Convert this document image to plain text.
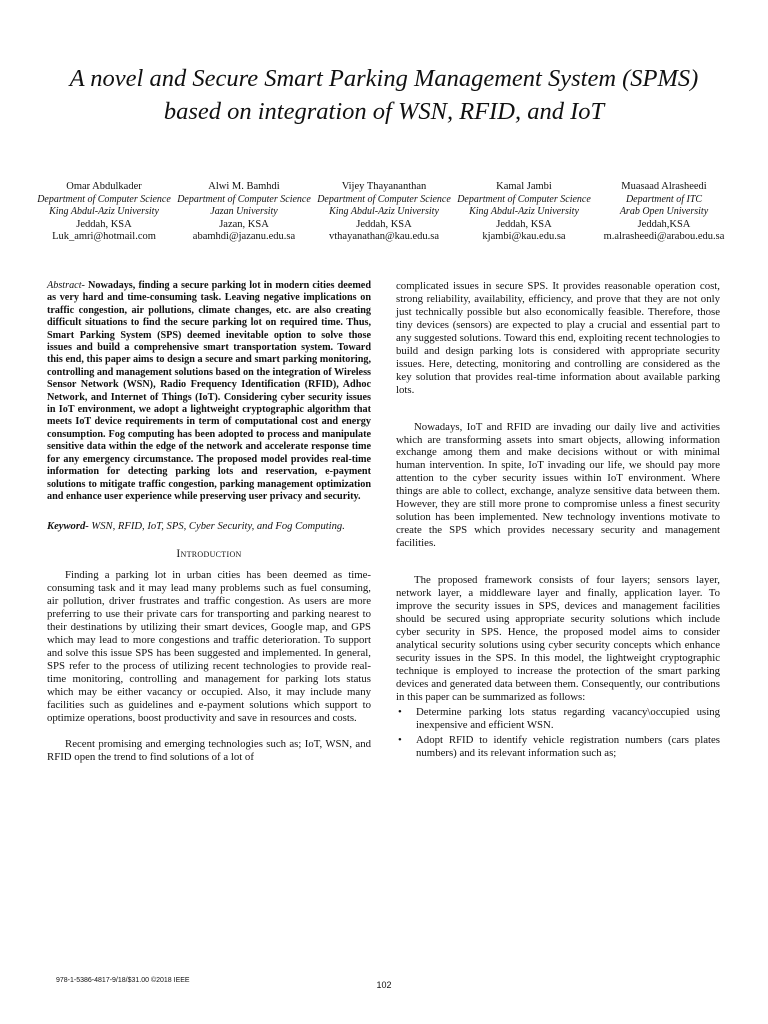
A novel and Secure Smart Parking Management System (SPMS) based on integration of WSN, RFID, and IoT
Omar Abdulkader
Department of Computer Science
King Abdul-Aziz University
Jeddah, KSA
Luk_amri@hotmail.com
Alwi M. Bamhdi
Department of Computer Science
Jazan University
Jazan, KSA
abamhdi@jazanu.edu.sa
Vijey Thayananthan
Department of Computer Science
King Abdul-Aziz University
Jeddah, KSA
vthayanathan@kau.edu.sa
Kamal Jambi
Department of Computer Science
King Abdul-Aziz University
Jeddah, KSA
kjambi@kau.edu.sa
Muasaad Alrasheedi
Department of ITC
Arab Open University
Jeddah,KSA
m.alrasheedi@arabou.edu.sa

Abstract- Nowadays, finding a secure parking lot in modern cities deemed as very hard and time-consuming task. Leaving negative implications on traffic congestion, air pollutions, climate changes, etc. are also creating difficult situations to find the secure parking lot on required time. Thus, Smart Parking System (SPS) deemed inevitable option to solve those issues and build a comprehensive smart transportation system. Toward this end, this paper aims to design a secure and smart parking monitoring, controlling and management solutions based on the integration of Wireless Sensor Network (WSN), Radio Frequency Identification (RFID), Adhoc Network, and Internet of Things (IoT). Considering cyber security issues in IoT environment, we adopt a lightweight cryptographic algorithm that meets IoT device requirements in term of computational cost and energy consumption. Fog computing has been adopted to process and manipulate sensitive data within the edge of the network and accelerate response time for any emergency circumstance. The proposed model provides real-time information for detecting parking lots and reservation, e-payment solutions to mitigate traffic congestion, parking management optimization and enhance user experience while preserving user privacy and security.

Keyword- WSN, RFID, IoT, SPS, Cyber Security, and Fog Computing.

Introduction

Finding a parking lot in urban cities has been deemed as time-consuming task and it may lead many problems such as fuel consuming, air pollution, driver frustrates and traffic congestion. As users are more preferring to use their private cars for transporting and parking nearest to their destinations by utilizing their smart devices, Google map, and GPS which may lead to more congestions and traffic deterioration. To support and solve this issue SPS has been suggested and implemented. In general, SPS refer to the process of utilizing recent technologies to provide real-time monitoring, controlling and management for parking lots status which may be either vacancy or occupied. Also, it may include many facilities such as guidelines and e-payment solutions which support to optimize operations, boost productivity and save in resources and costs.

Recent promising and emerging technologies such as; IoT, WSN, and RFID open the trend to find solutions of a lot of

complicated issues in secure SPS. It provides reasonable operation cost, strong reliability, availability, efficiency, and prove that they are not only just technically possible but also economically feasible. Therefore, those tiny devices (sensors) are expected to play a crucial and essential part to any suggested solutions. Toward this end, exploiting recent technologies to build and design parking lots is considered with appropriate security issues. Here, detecting, monitoring and controlling are considered as the key solution that provides real-time information about available parking lots.

Nowadays, IoT and RFID are invading our daily live and activities which are transforming assets into smart objects, allowing information exchange among them and make decisions without or with minimal human intervention. In spite, IoT invading our life, we should pay more attention to the cyber security issues within IoT environment. Where things are able to collect, exchange, analyze sensitive data between them. However, they are still more prone to compromise unless a finest security solution has been implemented. New technology inventions motivate to create the SPS which provides necessary security and management facilities.

The proposed framework consists of four layers; sensors layer, network layer, a middleware layer and finally, application layer. To improve the security issues in SPS, devices and management facilities should be secured using appropriate security solutions which include cyber security in SPS. Hence, the proposed model aims to consider analytical security solutions using cyber security concepts which enhance security issues in the SPS. In this model, the lightweight cryptographic technique is employed to increase the protection of the smart parking devices and generated data between them. Consequently, our contributions in this paper can be summarized as follows:

• Determine parking lots status regarding vacancy\occupied using inexpensive and efficient WSN.
• Adopt RFID to identify vehicle registration numbers (cars plates numbers) and its relevant information such as;
978-1-5386-4817-9/18/$31.00 ©2018 IEEE	102
